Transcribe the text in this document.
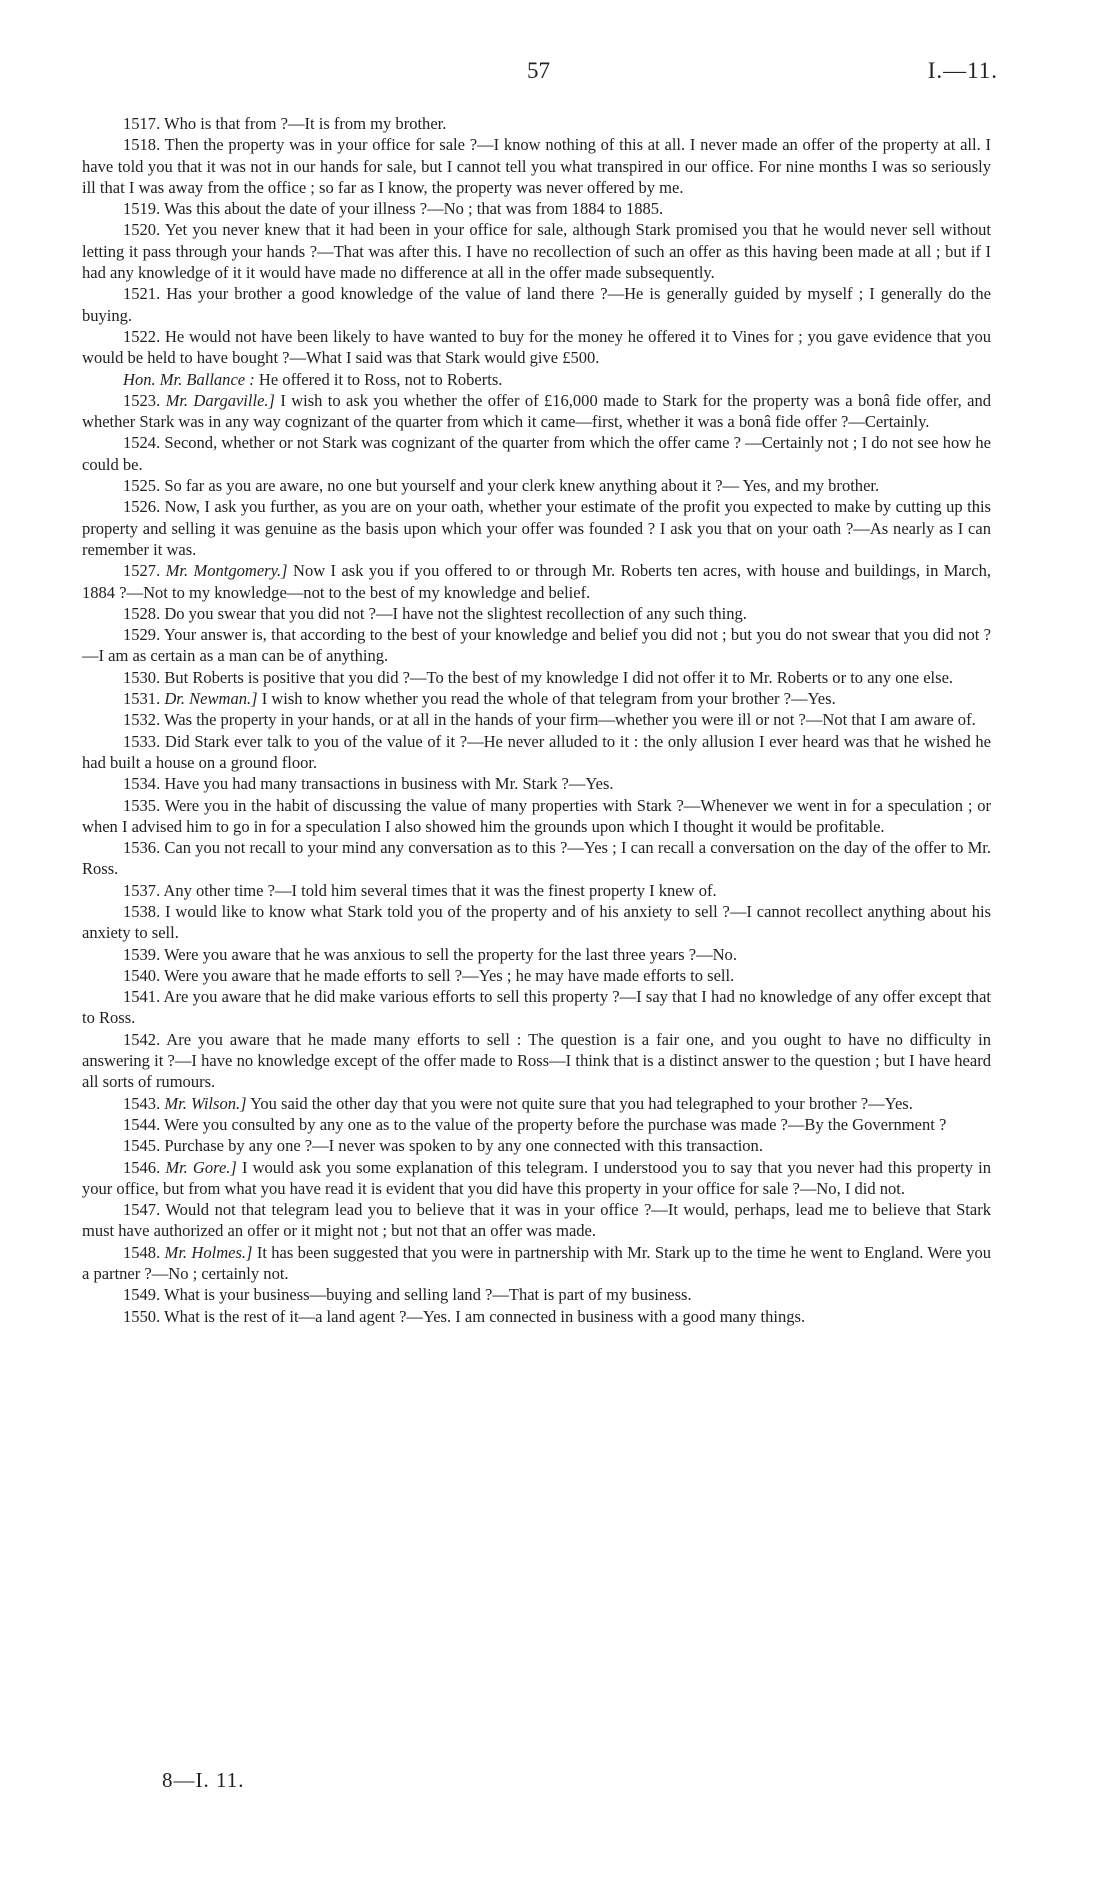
57	I.—11.

1517. Who is that from ?—It is from my brother.

1518. Then the property was in your office for sale ?—I know nothing of this at all. I never made an offer of the property at all. I have told you that it was not in our hands for sale, but I cannot tell you what transpired in our office. For nine months I was so seriously ill that I was away from the office ; so far as I know, the property was never offered by me.

1519. Was this about the date of your illness ?—No ; that was from 1884 to 1885.

1520. Yet you never knew that it had been in your office for sale, although Stark promised you that he would never sell without letting it pass through your hands ?—That was after this. I have no recollection of such an offer as this having been made at all ; but if I had any knowledge of it it would have made no difference at all in the offer made subsequently.

1521. Has your brother a good knowledge of the value of land there ?—He is generally guided by myself ; I generally do the buying.

1522. He would not have been likely to have wanted to buy for the money he offered it to Vines for ; you gave evidence that you would be held to have bought ?—What I said was that Stark would give £500.

Hon. Mr. Ballance : He offered it to Ross, not to Roberts.

1523. Mr. Dargaville.] I wish to ask you whether the offer of £16,000 made to Stark for the property was a bonâ fide offer, and whether Stark was in any way cognizant of the quarter from which it came—first, whether it was a bonâ fide offer ?—Certainly.

1524. Second, whether or not Stark was cognizant of the quarter from which the offer came ? —Certainly not ; I do not see how he could be.

1525. So far as you are aware, no one but yourself and your clerk knew anything about it ?— Yes, and my brother.

1526. Now, I ask you further, as you are on your oath, whether your estimate of the profit you expected to make by cutting up this property and selling it was genuine as the basis upon which your offer was founded ? I ask you that on your oath ?—As nearly as I can remember it was.

1527. Mr. Montgomery.] Now I ask you if you offered to or through Mr. Roberts ten acres, with house and buildings, in March, 1884 ?—Not to my knowledge—not to the best of my knowledge and belief.

1528. Do you swear that you did not ?—I have not the slightest recollection of any such thing.

1529. Your answer is, that according to the best of your knowledge and belief you did not ; but you do not swear that you did not ?—I am as certain as a man can be of anything.

1530. But Roberts is positive that you did ?—To the best of my knowledge I did not offer it to Mr. Roberts or to any one else.

1531. Dr. Newman.] I wish to know whether you read the whole of that telegram from your brother ?—Yes.

1532. Was the property in your hands, or at all in the hands of your firm—whether you were ill or not ?—Not that I am aware of.

1533. Did Stark ever talk to you of the value of it ?—He never alluded to it : the only allusion I ever heard was that he wished he had built a house on a ground floor.

1534. Have you had many transactions in business with Mr. Stark ?—Yes.

1535. Were you in the habit of discussing the value of many properties with Stark ?—Whenever we went in for a speculation ; or when I advised him to go in for a speculation I also showed him the grounds upon which I thought it would be profitable.

1536. Can you not recall to your mind any conversation as to this ?—Yes ; I can recall a conversation on the day of the offer to Mr. Ross.

1537. Any other time ?—I told him several times that it was the finest property I knew of.

1538. I would like to know what Stark told you of the property and of his anxiety to sell ?—I cannot recollect anything about his anxiety to sell.

1539. Were you aware that he was anxious to sell the property for the last three years ?—No.

1540. Were you aware that he made efforts to sell ?—Yes ; he may have made efforts to sell.

1541. Are you aware that he did make various efforts to sell this property ?—I say that I had no knowledge of any offer except that to Ross.

1542. Are you aware that he made many efforts to sell : The question is a fair one, and you ought to have no difficulty in answering it ?—I have no knowledge except of the offer made to Ross—I think that is a distinct answer to the question ; but I have heard all sorts of rumours.

1543. Mr. Wilson.] You said the other day that you were not quite sure that you had telegraphed to your brother ?—Yes.

1544. Were you consulted by any one as to the value of the property before the purchase was made ?—By the Government ?

1545. Purchase by any one ?—I never was spoken to by any one connected with this transaction.

1546. Mr. Gore.] I would ask you some explanation of this telegram. I understood you to say that you never had this property in your office, but from what you have read it is evident that you did have this property in your office for sale ?—No, I did not.

1547. Would not that telegram lead you to believe that it was in your office ?—It would, perhaps, lead me to believe that Stark must have authorized an offer or it might not ; but not that an offer was made.

1548. Mr. Holmes.] It has been suggested that you were in partnership with Mr. Stark up to the time he went to England. Were you a partner ?—No ; certainly not.

1549. What is your business—buying and selling land ?—That is part of my business.

1550. What is the rest of it—a land agent ?—Yes. I am connected in business with a good many things.

8—I. 11.
